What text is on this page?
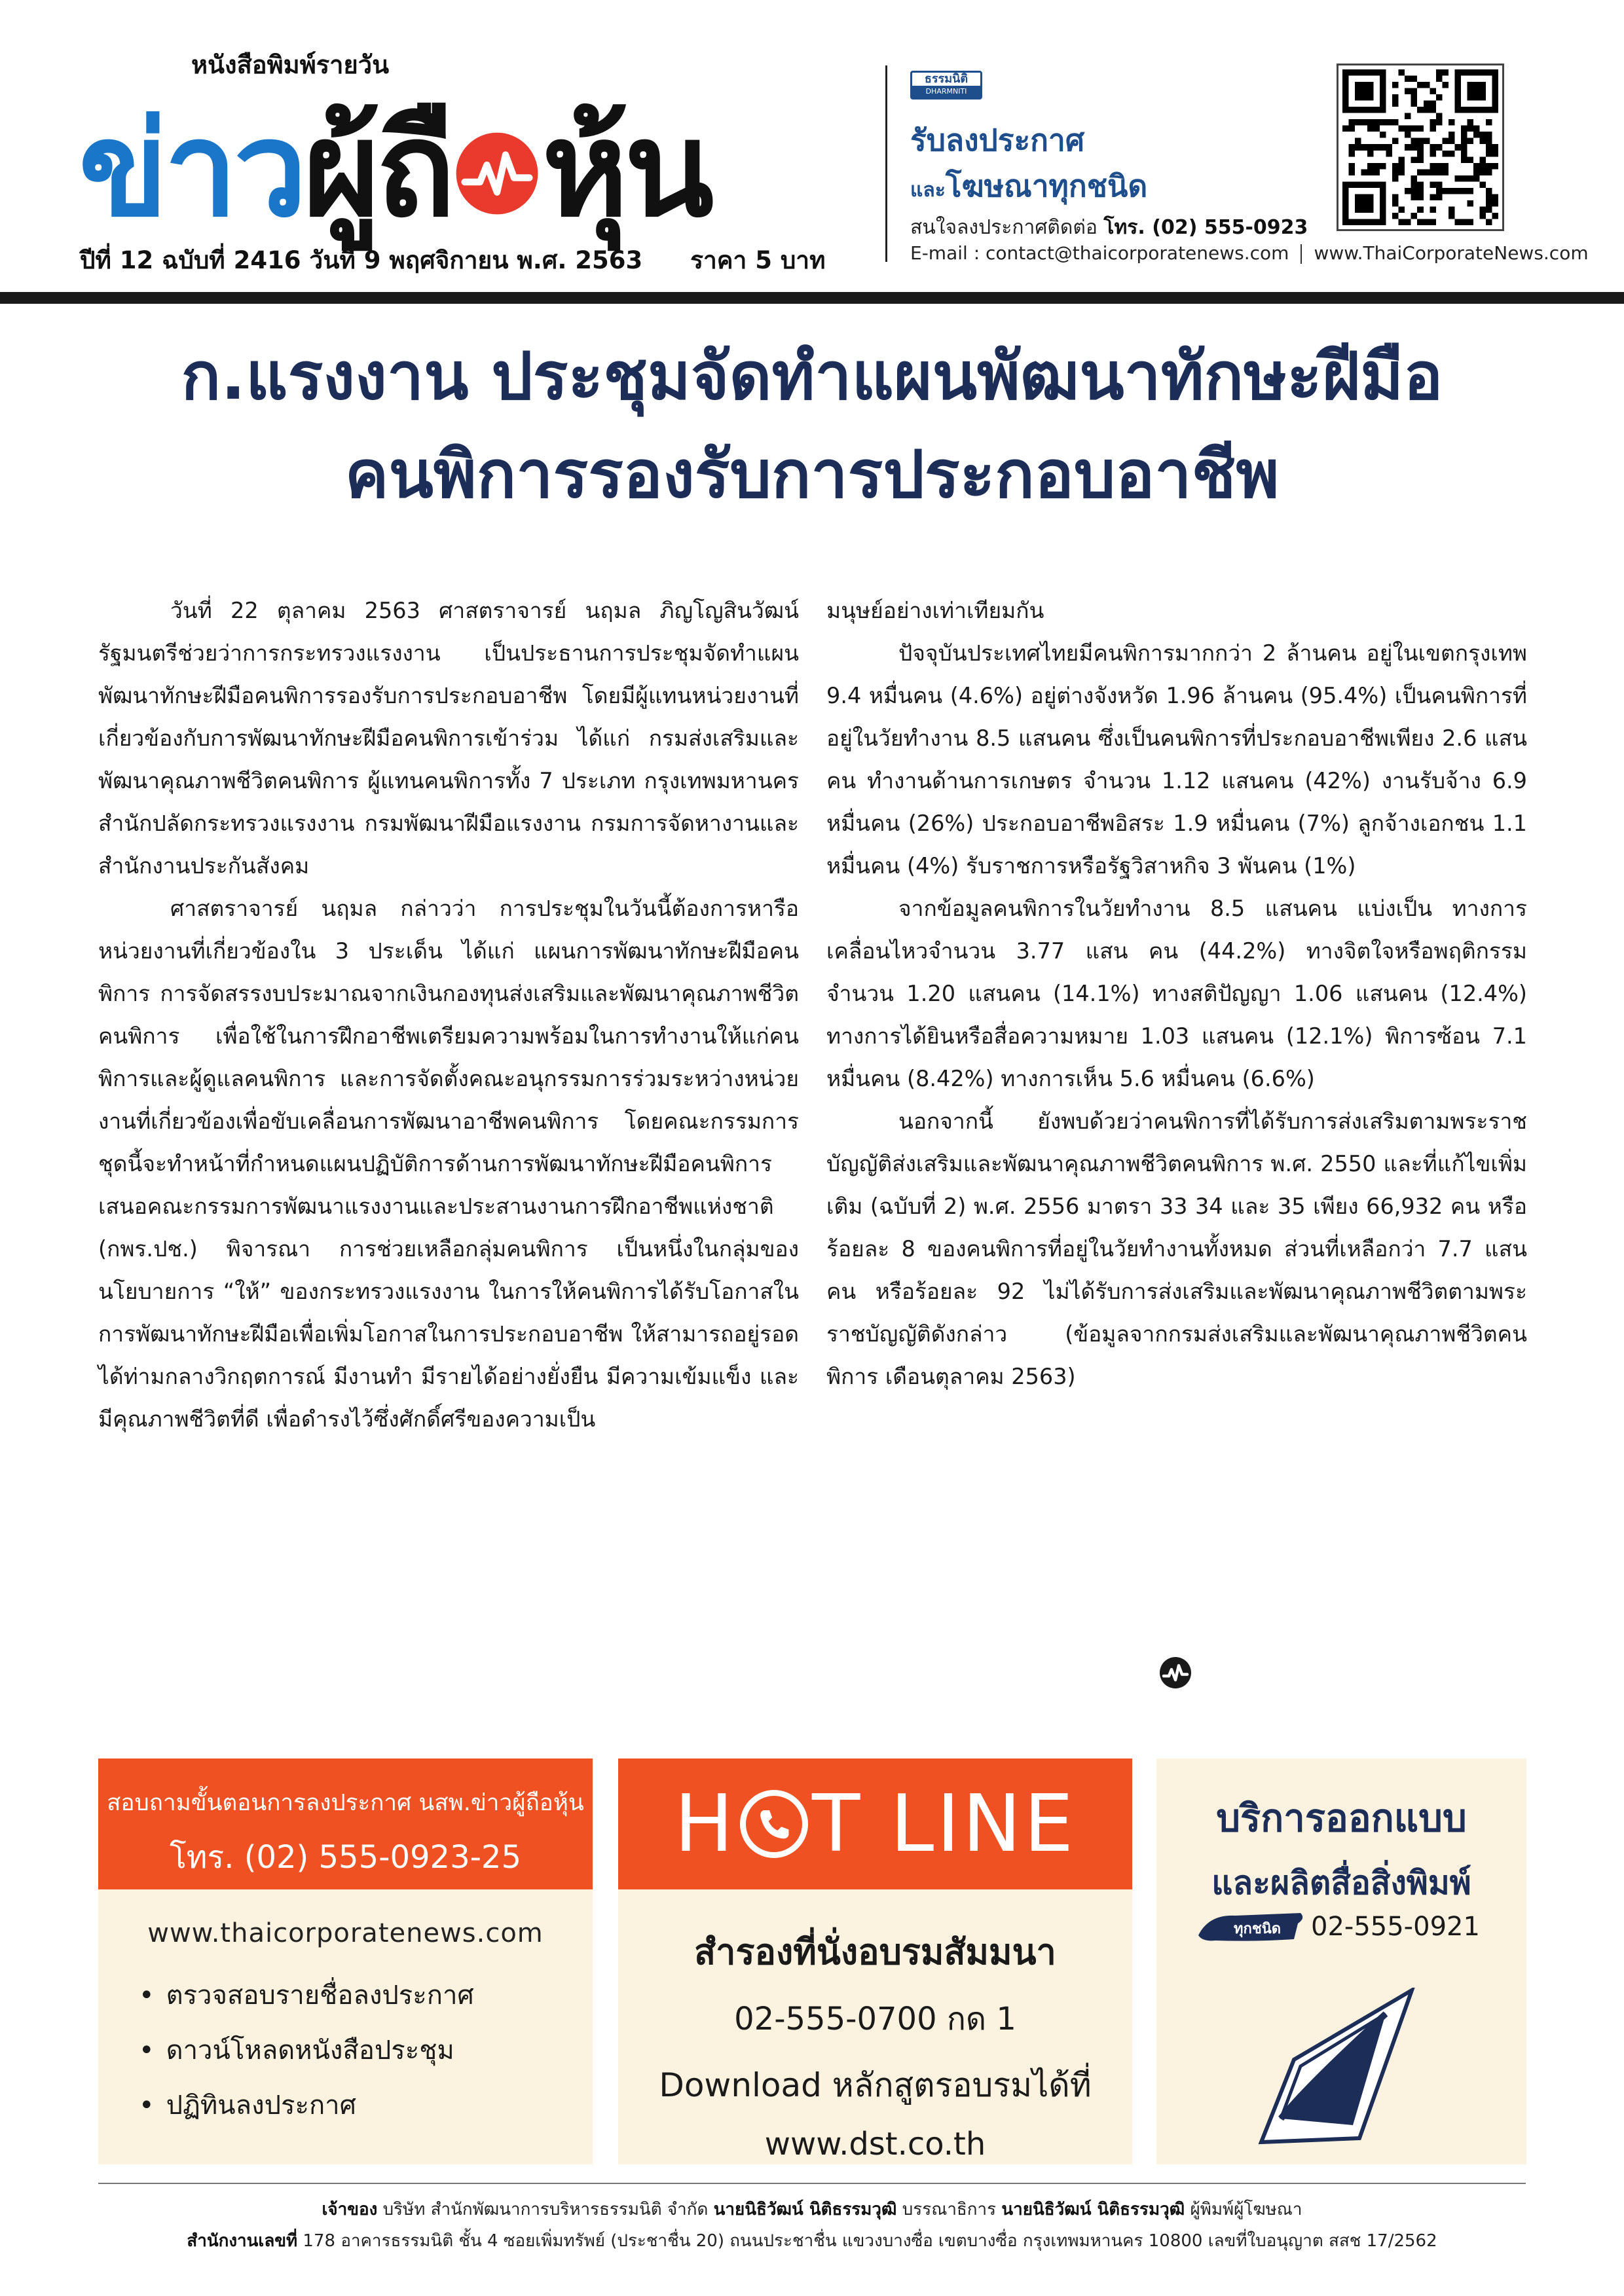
หนังสือพิมพ์รายวัน
ข่าว ผู้ถื หุ้น
ปีที่ 12 ฉบับที่ 2416 วันที่ 9 พฤศจิกายน พ.ศ. 2563 ราคา 5 บาท
ธรรมนิติ
DHARMNITI
รับลงประกาศ
และโฆษณาทุกชนิด
สนใจลงประกาศติดต่อ โทร. (02) 555-0923
E-mail : contact@thaicorporatenews.com www.ThaiCorporateNews.com
ก.แรงงาน ประชุมจัดทำแผนพัฒนาทักษะฝีมือ
คนพิการรองรับการประกอบอาชีพ

วันที่ 22 ตุลาคม 2563 ศาสตราจารย์ นฤมล ภิญโญสินวัฒน์ รัฐมนตรีช่วยว่าการกระทรวงแรงงาน เป็นประธานการประชุมจัดทำแผนพัฒนาทักษะฝีมือคนพิการรองรับการประกอบอาชีพ โดยมีผู้แทนหน่วยงานที่เกี่ยวข้องกับการพัฒนาทักษะฝีมือคนพิการเข้าร่วม ได้แก่ กรมส่งเสริมและพัฒนาคุณภาพชีวิตคนพิการ ผู้แทนคนพิการทั้ง 7 ประเภท กรุงเทพมหานคร สำนักปลัดกระทรวงแรงงาน กรมพัฒนาฝีมือแรงงาน กรมการจัดหางานและสำนักงานประกันสังคม

ศาสตราจารย์ นฤมล กล่าวว่า การประชุมในวันนี้ต้องการหารือหน่วยงานที่เกี่ยวข้องใน 3 ประเด็น ได้แก่ แผนการพัฒนาทักษะฝีมือคนพิการ การจัดสรรงบประมาณจากเงินกองทุนส่งเสริมและพัฒนาคุณภาพชีวิตคนพิการ เพื่อใช้ในการฝึกอาชีพเตรียมความพร้อมในการทำงานให้แก่คนพิการและผู้ดูแลคนพิการ และการจัดตั้งคณะอนุกรรมการร่วมระหว่างหน่วยงานที่เกี่ยวข้องเพื่อขับเคลื่อนการพัฒนาอาชีพคนพิการ โดยคณะกรรมการชุดนี้จะทำหน้าที่กำหนดแผนปฏิบัติการด้านการพัฒนาทักษะฝีมือคนพิการ เสนอคณะกรรมการพัฒนาแรงงานและประสานงานการฝึกอาชีพแห่งชาติ (กพร.ปช.) พิจารณา การช่วยเหลือกลุ่มคนพิการ เป็นหนึ่งในกลุ่มของนโยบายการ “ให้” ของกระทรวงแรงงาน ในการให้คนพิการได้รับโอกาสในการพัฒนาทักษะฝีมือเพื่อเพิ่มโอกาสในการประกอบอาชีพ ให้สามารถอยู่รอดได้ท่ามกลางวิกฤตการณ์ มีงานทำ มีรายได้อย่างยั่งยืน มีความเข้มแข็ง และมีคุณภาพชีวิตที่ดี เพื่อดำรงไว้ซึ่งศักดิ์ศรีของความเป็น

มนุษย์อย่างเท่าเทียมกัน

ปัจจุบันประเทศไทยมีคนพิการมากกว่า 2 ล้านคน อยู่ในเขตกรุงเทพ 9.4 หมื่นคน (4.6%) อยู่ต่างจังหวัด 1.96 ล้านคน (95.4%) เป็นคนพิการที่อยู่ในวัยทำงาน 8.5 แสนคน ซึ่งเป็นคนพิการที่ประกอบอาชีพเพียง 2.6 แสนคน ทำงานด้านการเกษตร จำนวน 1.12 แสนคน (42%) งานรับจ้าง 6.9 หมื่นคน (26%) ประกอบอาชีพอิสระ 1.9 หมื่นคน (7%) ลูกจ้างเอกชน 1.1 หมื่นคน (4%) รับราชการหรือรัฐวิสาหกิจ 3 พันคน (1%)

จากข้อมูลคนพิการในวัยทำงาน 8.5 แสนคน แบ่งเป็น ทางการเคลื่อนไหวจำนวน 3.77 แสน คน (44.2%) ทางจิตใจหรือพฤติกรรม จำนวน 1.20 แสนคน (14.1%) ทางสติปัญญา 1.06 แสนคน (12.4%) ทางการได้ยินหรือสื่อความหมาย 1.03 แสนคน (12.1%) พิการซ้อน 7.1 หมื่นคน (8.42%) ทางการเห็น 5.6 หมื่นคน (6.6%)

นอกจากนี้ ยังพบด้วยว่าคนพิการที่ได้รับการส่งเสริมตามพระราชบัญญัติส่งเสริมและพัฒนาคุณภาพชีวิตคนพิการ พ.ศ. 2550 และที่แก้ไขเพิ่มเติม (ฉบับที่ 2) พ.ศ. 2556 มาตรา 33 34 และ 35 เพียง 66,932 คน หรือร้อยละ 8 ของคนพิการที่อยู่ในวัยทำงานทั้งหมด ส่วนที่เหลือกว่า 7.7 แสนคน หรือร้อยละ 92 ไม่ได้รับการส่งเสริมและพัฒนาคุณภาพชีวิตตามพระราชบัญญัติดังกล่าว (ข้อมูลจากกรมส่งเสริมและพัฒนาคุณภาพชีวิตคนพิการ เดือนตุลาคม 2563)

สอบถามขั้นตอนการลงประกาศ นสพ.ข่าวผู้ถือหุ้น
โทร. (02) 555-0923-25
www.thaicorporatenews.com
• ตรวจสอบรายชื่อลงประกาศ
• ดาวน์โหลดหนังสือประชุม
• ปฏิทินลงประกาศ
H T LINE
สำรองที่นั่งอบรมสัมมนา
02-555-0700 กด 1
Download หลักสูตรอบรมได้ที่
www.dst.co.th
บริการออกแบบ
และผลิตสื่อสิ่งพิมพ์
ทุกชนิด 02-555-0921
เจ้าของ บริษัท สำนักพัฒนาการบริหารธรรมนิติ จำกัด นายนิธิวัฒน์ นิติธรรมวุฒิ บรรณาธิการ นายนิธิวัฒน์ นิติธรรมวุฒิ ผู้พิมพ์ผู้โฆษณา
สำนักงานเลขที่ 178 อาคารธรรมนิติ ชั้น 4 ซอยเพิ่มทรัพย์ (ประชาชื่น 20) ถนนประชาชื่น แขวงบางซื่อ เขตบางซื่อ กรุงเทพมหานคร 10800 เลขที่ใบอนุญาต สสช 17/2562
